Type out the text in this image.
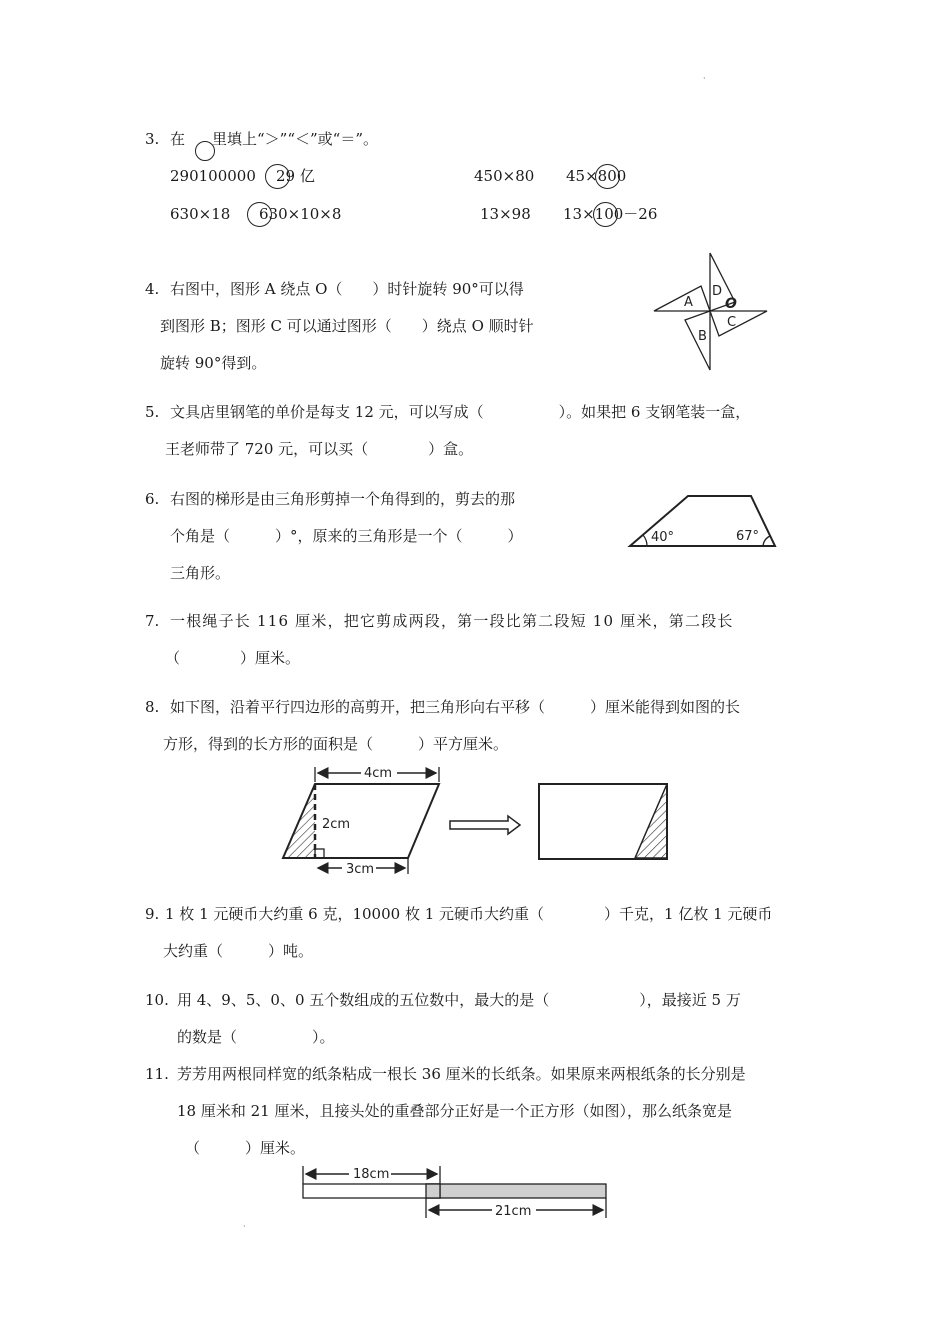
·
3. 在 里填上“＞”“＜”或“＝”。
290100000 29 亿	450×80 45×800
630×18 630×10×8	13×98 13×100－26
4. 右图中，图形 A 绕点 O（　　）时针旋转 90°可以得
到图形 B；图形 C 可以通过图形（　　）绕点 O 顺时针
旋转 90°得到。
A
D
O
C
B
5. 文具店里钢笔的单价是每支 12 元，可以写成（　　　　　）。如果把 6 支钢笔装一盒，
王老师带了 720 元，可以买（　　　　）盒。
6. 右图的梯形是由三角形剪掉一个角得到的，剪去的那
个角是（　　　）°，原来的三角形是一个（　　　）
三角形。
40°	67°
7. 一根绳子长 116 厘米，把它剪成两段，第一段比第二段短 10 厘米，第二段长
（　　　　）厘米。
8. 如下图，沿着平行四边形的高剪开，把三角形向右平移（　　　）厘米能得到如图的长
方形，得到的长方形的面积是（　　　）平方厘米。
4cm
2cm
3cm
9. 1 枚 1 元硬币大约重 6 克，10000 枚 1 元硬币大约重（　　　　）千克，1 亿枚 1 元硬币
大约重（　　　）吨。
10. 用 4、9、5、0、0 五个数组成的五位数中，最大的是（　　　　　　），最接近 5 万
的数是（　　　　　）。
11. 芳芳用两根同样宽的纸条粘成一根长 36 厘米的长纸条。如果原来两根纸条的长分别是
18 厘米和 21 厘米，且接头处的重叠部分正好是一个正方形（如图），那么纸条宽是
（　　　）厘米。
18cm
21cm
·
